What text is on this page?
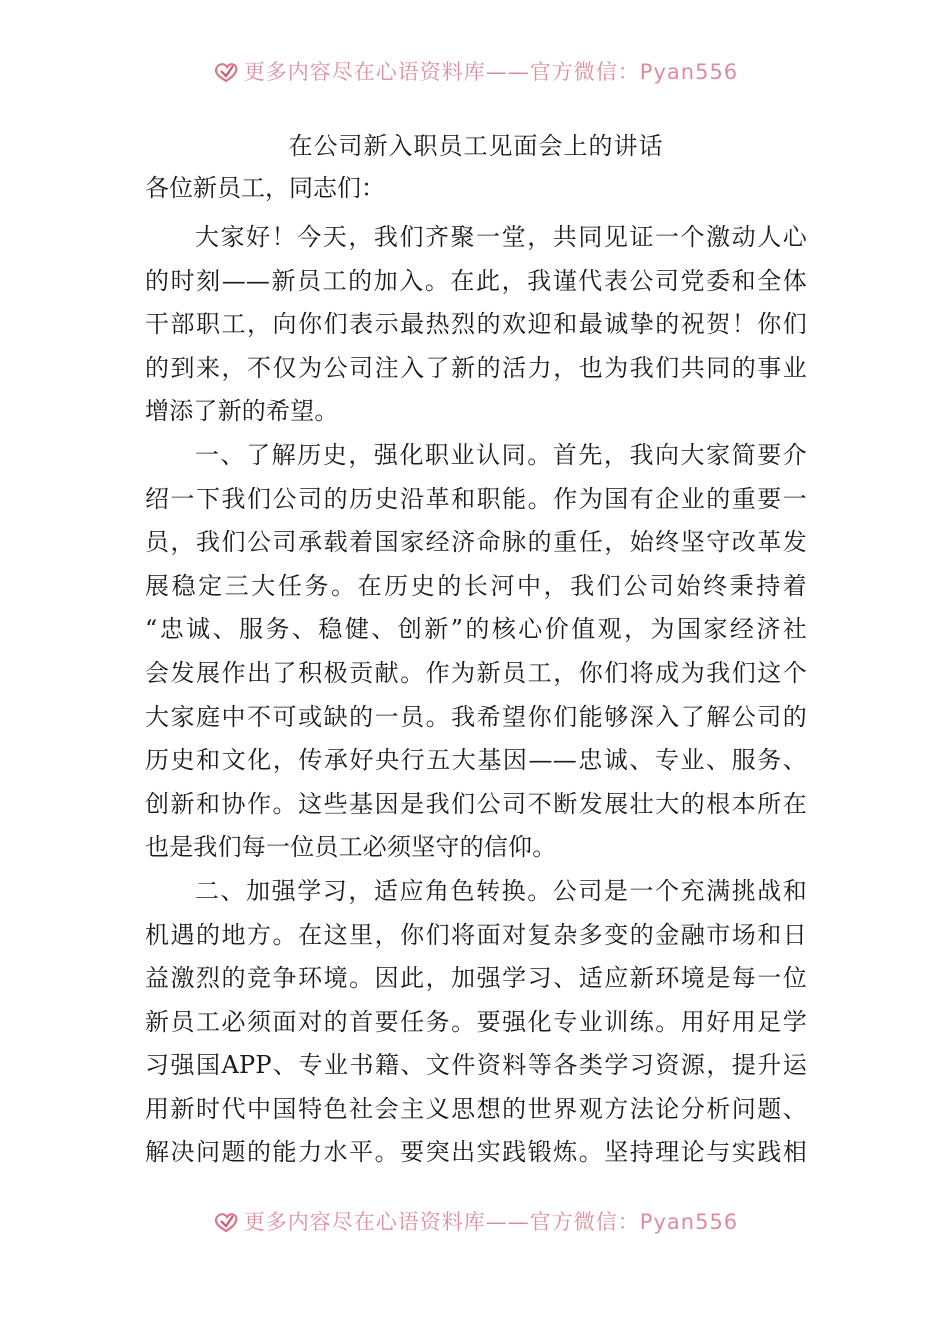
更多内容尽在心语资料库——官方微信：Pyan556
在公司新入职员工见面会上的讲话
各位新员工，同志们：
大家好！今天，我们齐聚一堂，共同见证一个激动人心
的时刻——新员工的加入。在此，我谨代表公司党委和全体
干部职工，向你们表示最热烈的欢迎和最诚挚的祝贺！你们
的到来，不仅为公司注入了新的活力，也为我们共同的事业
增添了新的希望。
一、了解历史，强化职业认同。首先，我向大家简要介
绍一下我们公司的历史沿革和职能。作为国有企业的重要一
员，我们公司承载着国家经济命脉的重任，始终坚守改革发
展稳定三大任务。在历史的长河中，我们公司始终秉持着
“忠诚、服务、稳健、创新”的核心价值观，为国家经济社
会发展作出了积极贡献。作为新员工，你们将成为我们这个
大家庭中不可或缺的一员。我希望你们能够深入了解公司的
历史和文化，传承好央行五大基因——忠诚、专业、服务、
创新和协作。这些基因是我们公司不断发展壮大的根本所在
也是我们每一位员工必须坚守的信仰。
二、加强学习，适应角色转换。公司是一个充满挑战和
机遇的地方。在这里，你们将面对复杂多变的金融市场和日
益激烈的竞争环境。因此，加强学习、适应新环境是每一位
新员工必须面对的首要任务。要强化专业训练。用好用足学
习强国APP、专业书籍、文件资料等各类学习资源，提升运
用新时代中国特色社会主义思想的世界观方法论分析问题、
解决问题的能力水平。要突出实践锻炼。坚持理论与实践相
更多内容尽在心语资料库——官方微信：Pyan556
